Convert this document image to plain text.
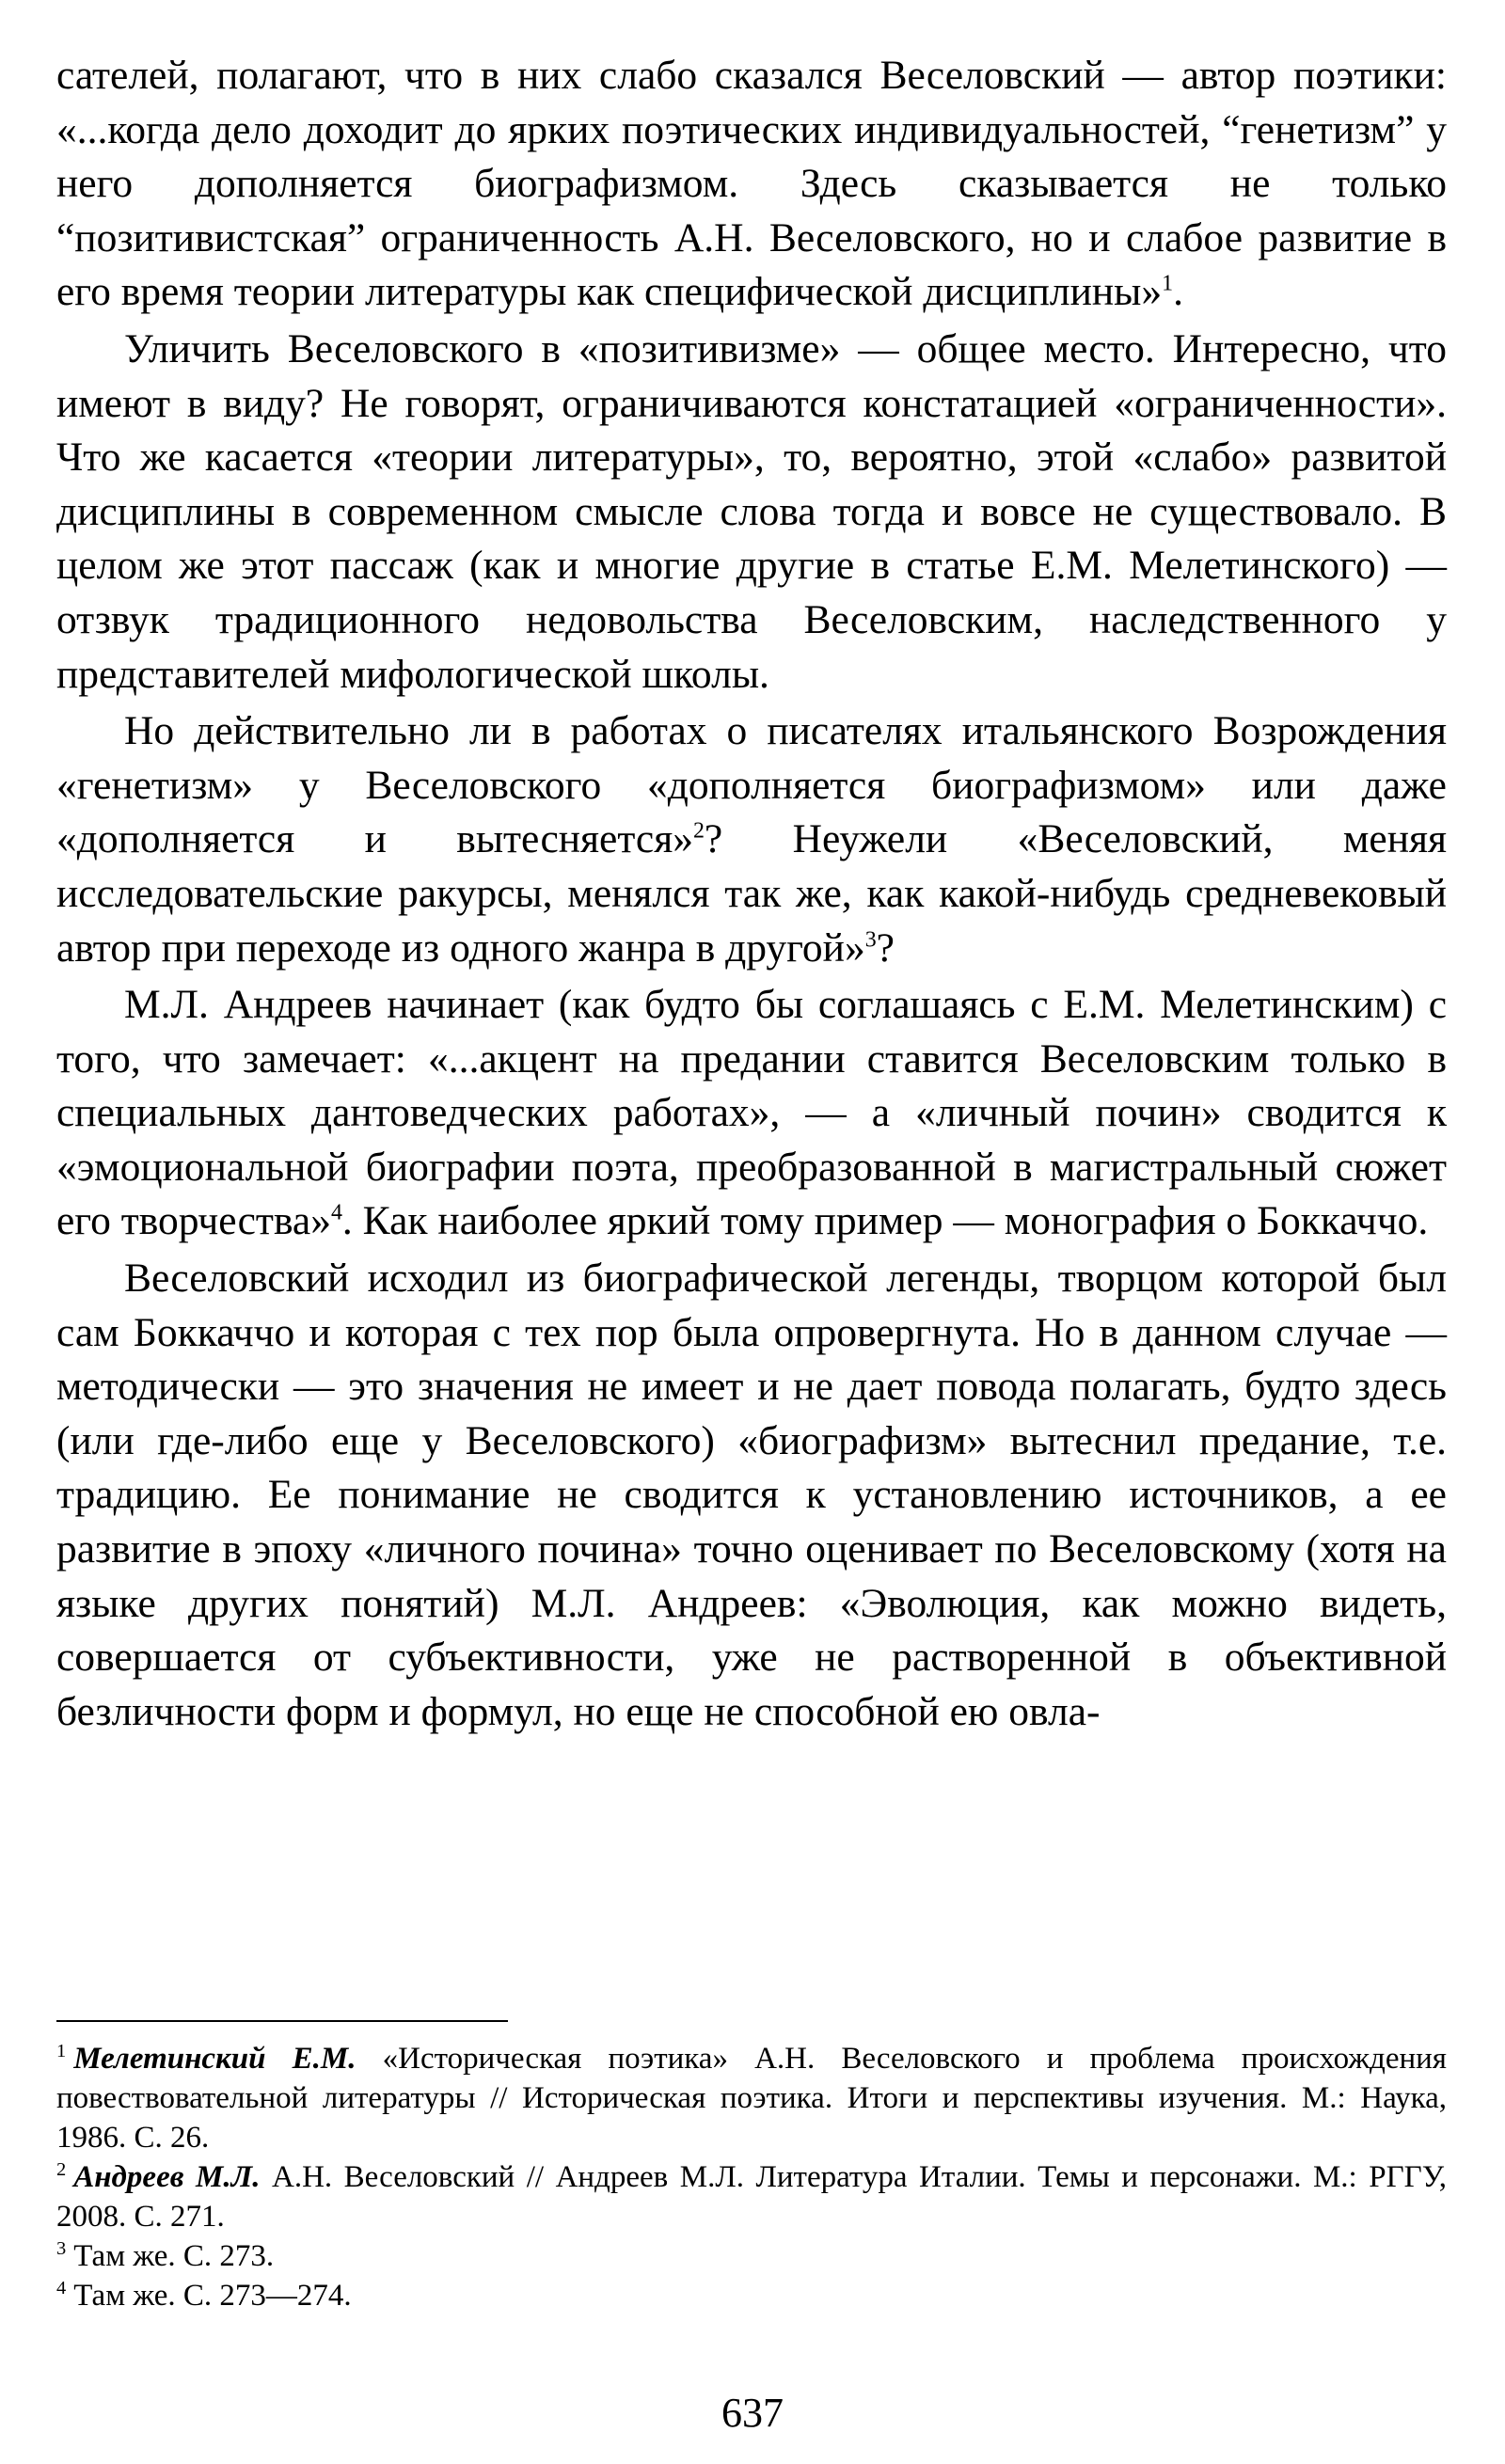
сателей, полагают, что в них слабо сказался Веселовский — автор поэтики: «...когда дело доходит до ярких поэтических индивидуальностей, “генетизм” у него дополняется биографизмом. Здесь сказывается не только “позитивистская” ограниченность А.Н. Веселовского, но и слабое развитие в его время теории литературы как специфической дисциплины»$^1$.

Уличить Веселовского в «позитивизме» — общее место. Интересно, что имеют в виду? Не говорят, ограничиваются констатацией «ограниченности». Что же касается «теории литературы», то, вероятно, этой «слабо» развитой дисциплины в современном смысле слова тогда и вовсе не существовало. В целом же этот пассаж (как и многие другие в статье Е.М. Мелетинского) — отзвук традиционного недовольства Веселовским, наследственного у представителей мифологической школы.

Но действительно ли в работах о писателях итальянского Возрождения «генетизм» у Веселовского «дополняется биографизмом» или даже «дополняется и вытесняется»$^2$? Неужели «Веселовский, меняя исследовательские ракурсы, менялся так же, как какой-нибудь средневековый автор при переходе из одного жанра в другой»$^3$?

М.Л. Андреев начинает (как будто бы соглашаясь с Е.М. Мелетинским) с того, что замечает: «...акцент на предании ставится Веселовским только в специальных дантоведческих работах», — а «личный почин» сводится к «эмоциональной биографии поэта, преобразованной в магистральный сюжет его творчества»$^4$. Как наиболее яркий тому пример — монография о Боккаччо.

Веселовский исходил из биографической легенды, творцом которой был сам Боккаччо и которая с тех пор была опровергнута. Но в данном случае — методически — это значения не имеет и не дает повода полагать, будто здесь (или где-либо еще у Веселовского) «биографизм» вытеснил предание, т.е. традицию. Ее понимание не сводится к установлению источников, а ее развитие в эпоху «личного почина» точно оценивает по Веселовскому (хотя на языке других понятий) М.Л. Андреев: «Эволюция, как можно видеть, совершается от субъективности, уже не растворенной в объективной безличности форм и формул, но еще не способной ею овла-

$^1$ Мелетинский Е.М. «Историческая поэтика» А.Н. Веселовского и проблема происхождения повествовательной литературы // Историческая поэтика. Итоги и перспективы изучения. М.: Наука, 1986. С. 26.

$^2$ Андреев М.Л. А.Н. Веселовский // Андреев М.Л. Литература Италии. Темы и персонажи. М.: РГГУ, 2008. С. 271.

$^3$ Там же. С. 273.

$^4$ Там же. С. 273—274.

637
